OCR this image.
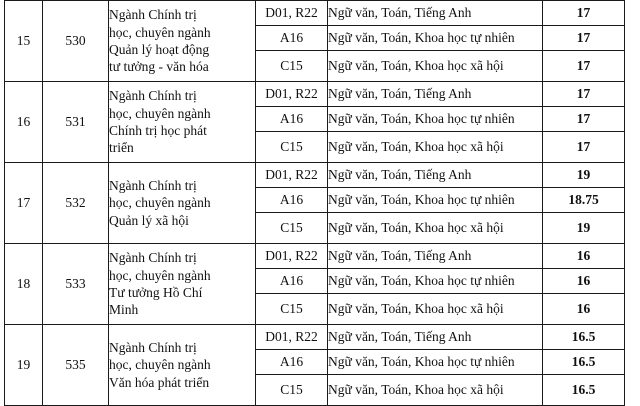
15	530	Ngành Chính trị
học, chuyên ngành
Quản lý hoạt động
tư tưởng - văn hóa	D01, R22	Ngữ văn, Toán, Tiếng Anh	17
			A16	Ngữ văn, Toán, Khoa học tự nhiên	17
			C15	Ngữ văn, Toán, Khoa học xã hội	17
16	531	Ngành Chính trị
học, chuyên ngành
Chính trị học phát
triển	D01, R22	Ngữ văn, Toán, Tiếng Anh	17
			A16	Ngữ văn, Toán, Khoa học tự nhiên	17
			C15	Ngữ văn, Toán, Khoa học xã hội	17
17	532	Ngành Chính trị
học, chuyên ngành
Quản lý xã hội	D01, R22	Ngữ văn, Toán, Tiếng Anh	19
			A16	Ngữ văn, Toán, Khoa học tự nhiên	18.75
			C15	Ngữ văn, Toán, Khoa học xã hội	19
18	533	Ngành Chính trị
học, chuyên ngành
Tư tưởng Hồ Chí
Minh	D01, R22	Ngữ văn, Toán, Tiếng Anh	16
			A16	Ngữ văn, Toán, Khoa học tự nhiên	16
			C15	Ngữ văn, Toán, Khoa học xã hội	16
19	535	Ngành Chính trị
học, chuyên ngành
Văn hóa phát triển	D01, R22	Ngữ văn, Toán, Tiếng Anh	16.5
			A16	Ngữ văn, Toán, Khoa học tự nhiên	16.5
			C15	Ngữ văn, Toán, Khoa học xã hội	16.5
